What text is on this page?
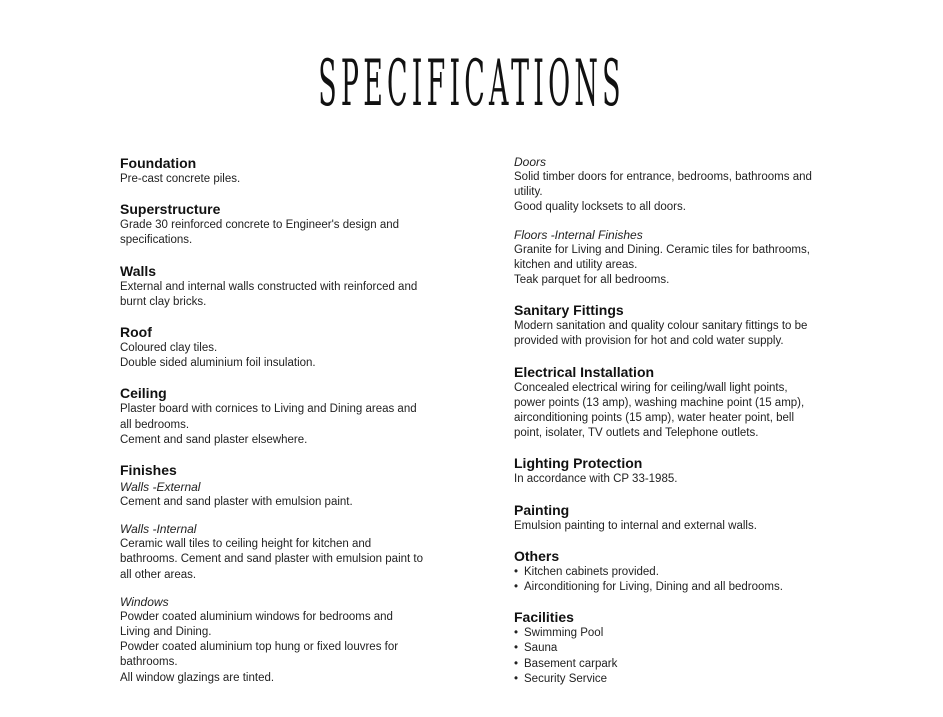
SPECIFICATIONS

Foundation

Pre-cast concrete piles.

Superstructure

Grade 30 reinforced concrete to Engineer's design and

specifications.

Walls

External and internal walls constructed with reinforced and

burnt clay bricks.

Roof

Coloured clay tiles.

Double sided aluminium foil insulation.

Ceiling

Plaster board with cornices to Living and Dining areas and

all bedrooms.

Cement and sand plaster elsewhere.

Finishes

Walls -External

Cement and sand plaster with emulsion paint.

Walls -Internal

Ceramic wall tiles to ceiling height for kitchen and

bathrooms. Cement and sand plaster with emulsion paint to

all other areas.

Windows

Powder coated aluminium windows for bedrooms and

Living and Dining.

Powder coated aluminium top hung or fixed louvres for

bathrooms.

All window glazings are tinted.

Doors

Solid timber doors for entrance, bedrooms, bathrooms and

utility.

Good quality locksets to all doors.

Floors -Internal Finishes

Granite for Living and Dining. Ceramic tiles for bathrooms,

kitchen and utility areas.

Teak parquet for all bedrooms.

Sanitary Fittings

Modern sanitation and quality colour sanitary fittings to be

provided with provision for hot and cold water supply.

Electrical Installation

Concealed electrical wiring for ceiling/wall light points,

power points (13 amp), washing machine point (15 amp),

airconditioning points (15 amp), water heater point, bell

point, isolater, TV outlets and Telephone outlets.

Lighting Protection

In accordance with CP 33-1985.

Painting

Emulsion painting to internal and external walls.

Others

• Kitchen cabinets provided.
• Airconditioning for Living, Dining and all bedrooms.

Facilities

• Swimming Pool
• Sauna
• Basement carpark
• Security Service
